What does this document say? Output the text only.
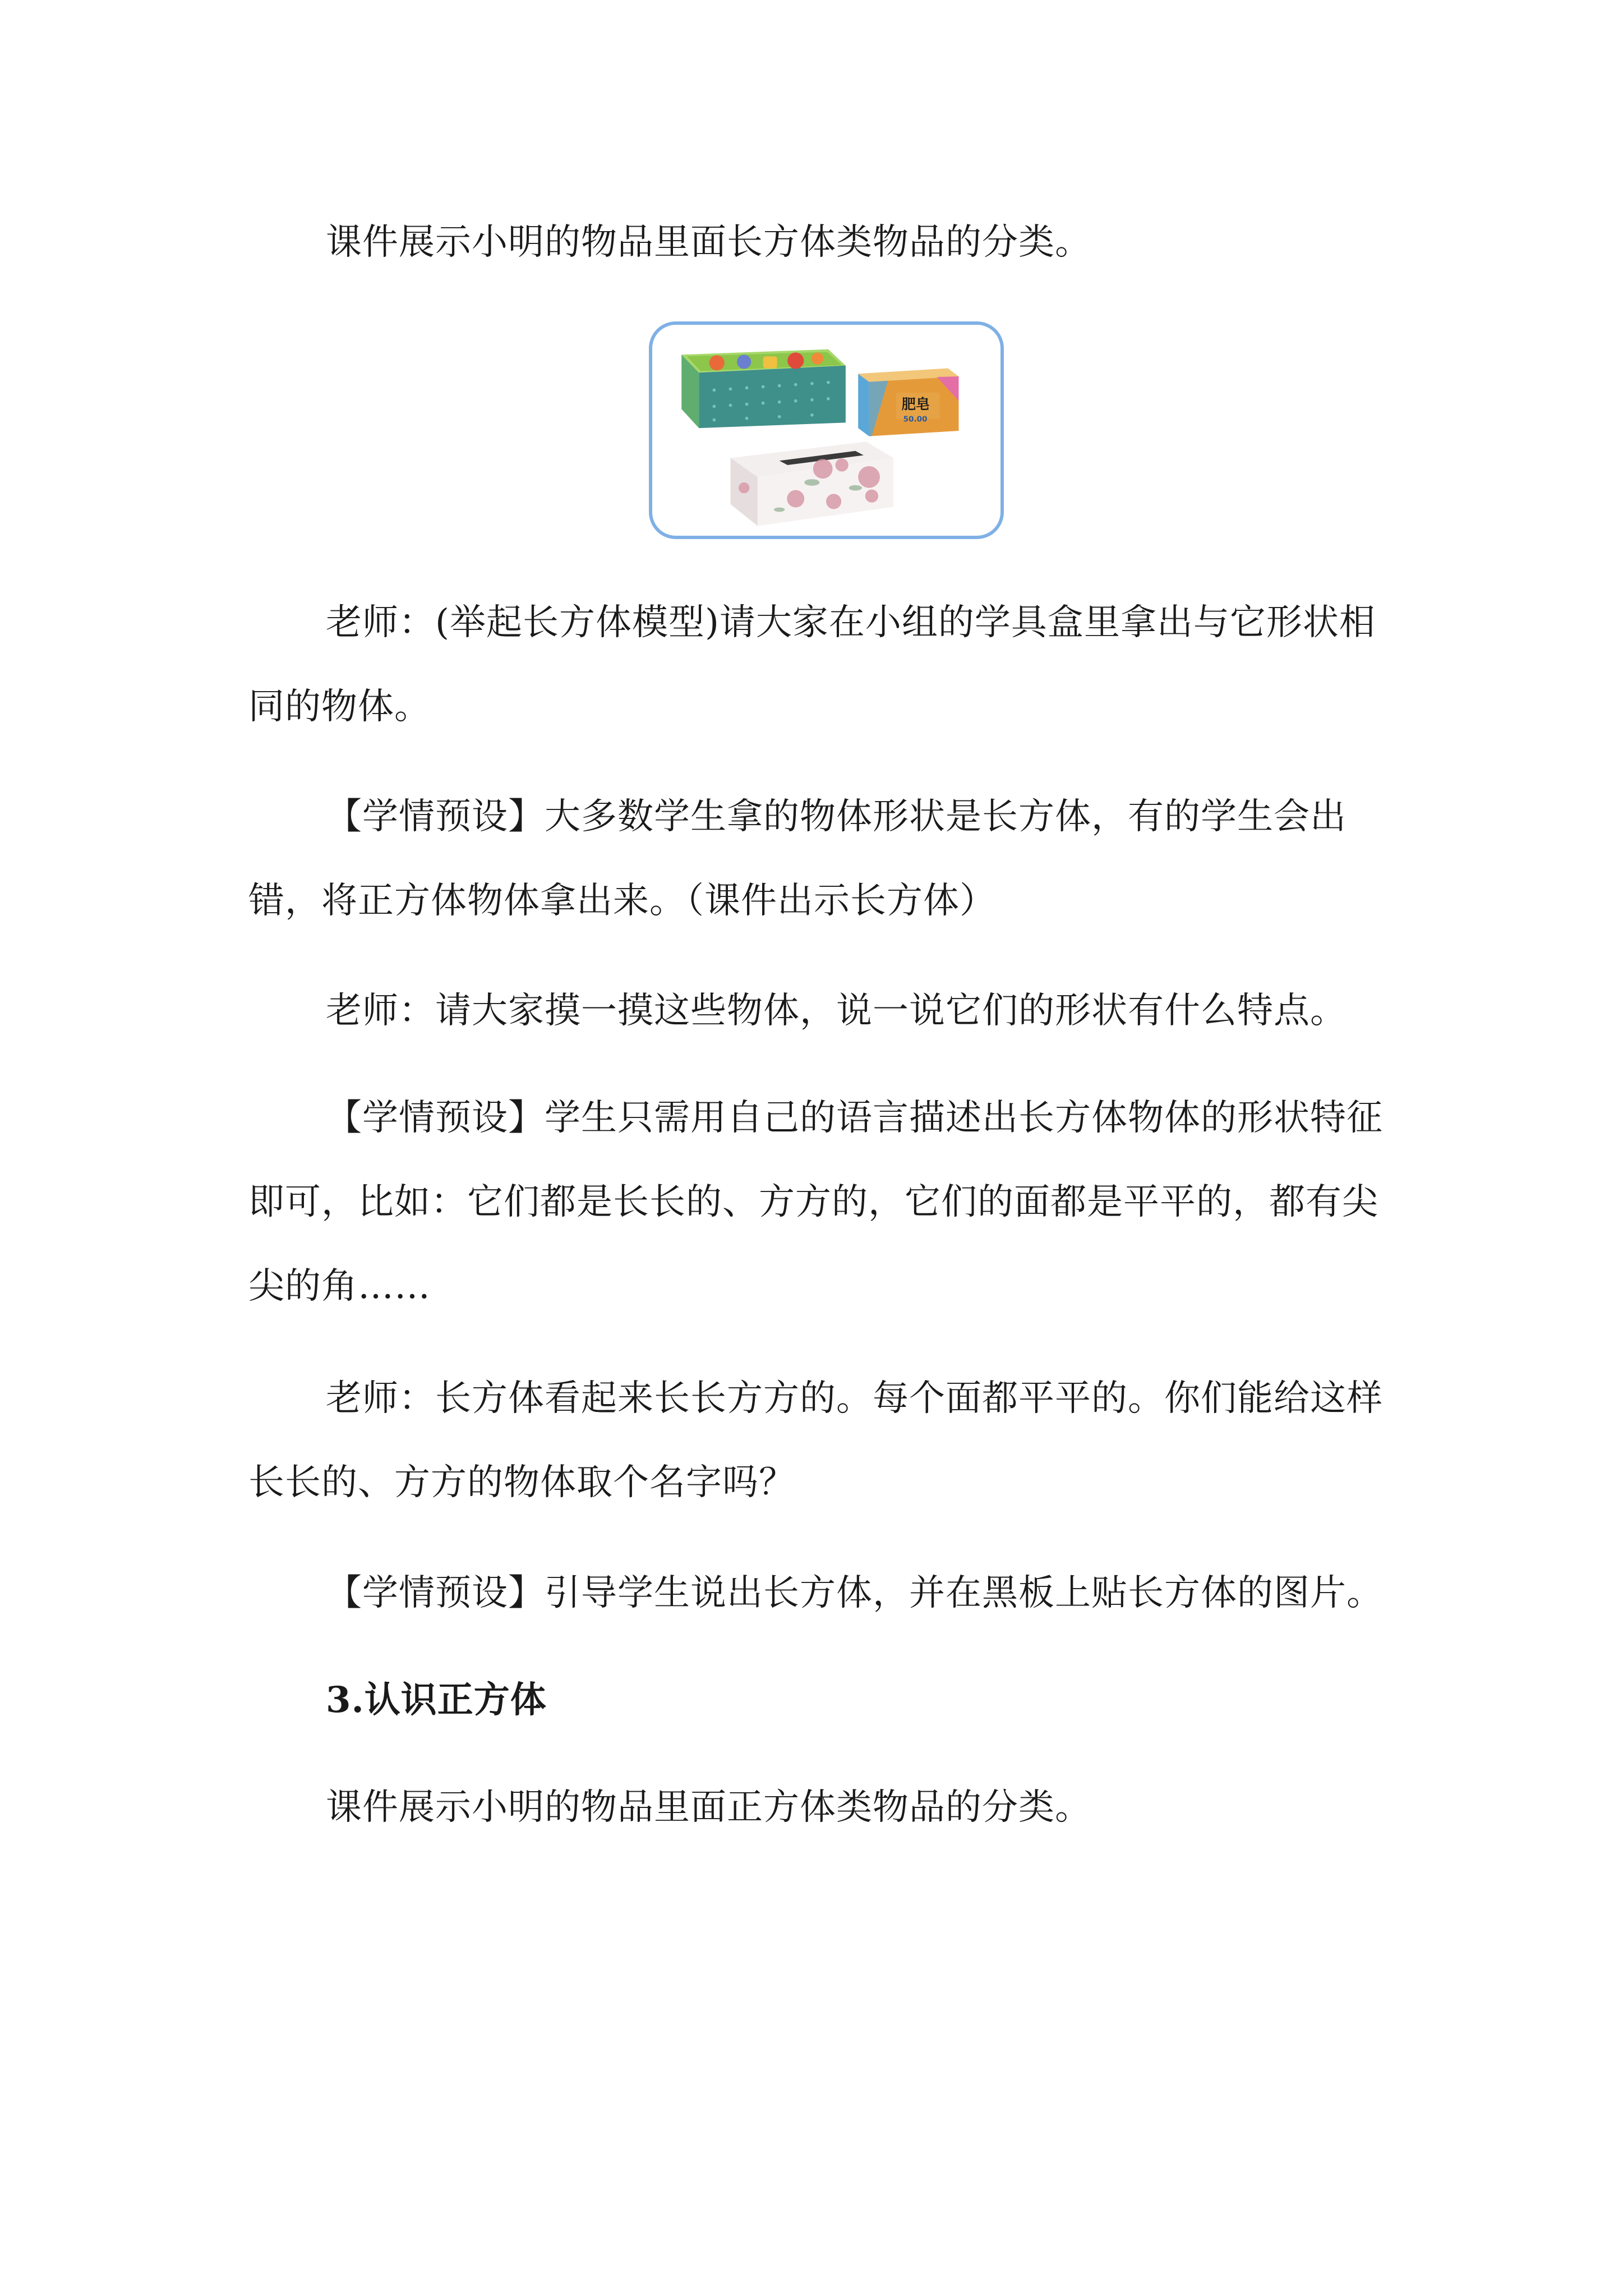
课件展示小明的物品里面长方体类物品的分类。

肥皂
50.00

老师：(举起长方体模型)请大家在小组的学具盒里拿出与它形状相同的物体。

【学情预设】大多数学生拿的物体形状是长方体，有的学生会出错，将正方体物体拿出来。（课件出示长方体）

老师：请大家摸一摸这些物体，说一说它们的形状有什么特点。

【学情预设】学生只需用自己的语言描述出长方体物体的形状特征即可，比如：它们都是长长的、方方的，它们的面都是平平的，都有尖尖的角……

老师：长方体看起来长长方方的。每个面都平平的。你们能给这样长长的、方方的物体取个名字吗？

【学情预设】引导学生说出长方体，并在黑板上贴长方体的图片。

3.认识正方体

课件展示小明的物品里面正方体类物品的分类。
